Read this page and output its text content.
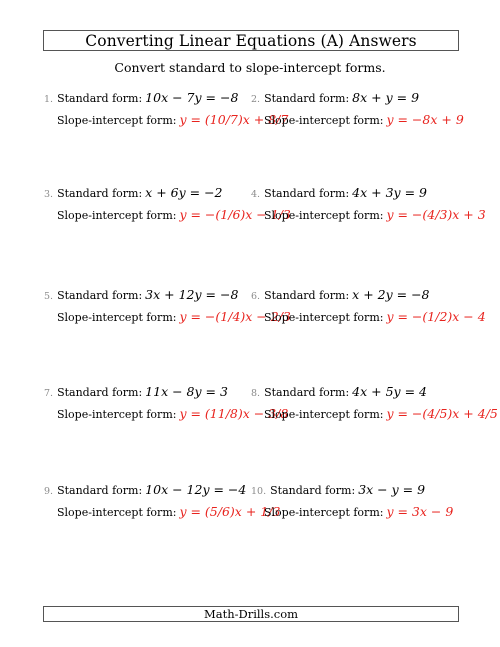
Converting Linear Equations (A) Answers
Convert standard to slope-intercept forms.
1. Standard form: 10x − 7y = −8
Slope-intercept form: y = (10/7)x + 8/7
2. Standard form: 8x + y = 9
Slope-intercept form: y = −8x + 9
3. Standard form: x + 6y = −2
Slope-intercept form: y = −(1/6)x − 1/3
4. Standard form: 4x + 3y = 9
Slope-intercept form: y = −(4/3)x + 3
5. Standard form: 3x + 12y = −8
Slope-intercept form: y = −(1/4)x − 2/3
6. Standard form: x + 2y = −8
Slope-intercept form: y = −(1/2)x − 4
7. Standard form: 11x − 8y = 3
Slope-intercept form: y = (11/8)x − 3/8
8. Standard form: 4x + 5y = 4
Slope-intercept form: y = −(4/5)x + 4/5
9. Standard form: 10x − 12y = −4
Slope-intercept form: y = (5/6)x + 1/3
10. Standard form: 3x − y = 9
Slope-intercept form: y = 3x − 9
Math-Drills.com
